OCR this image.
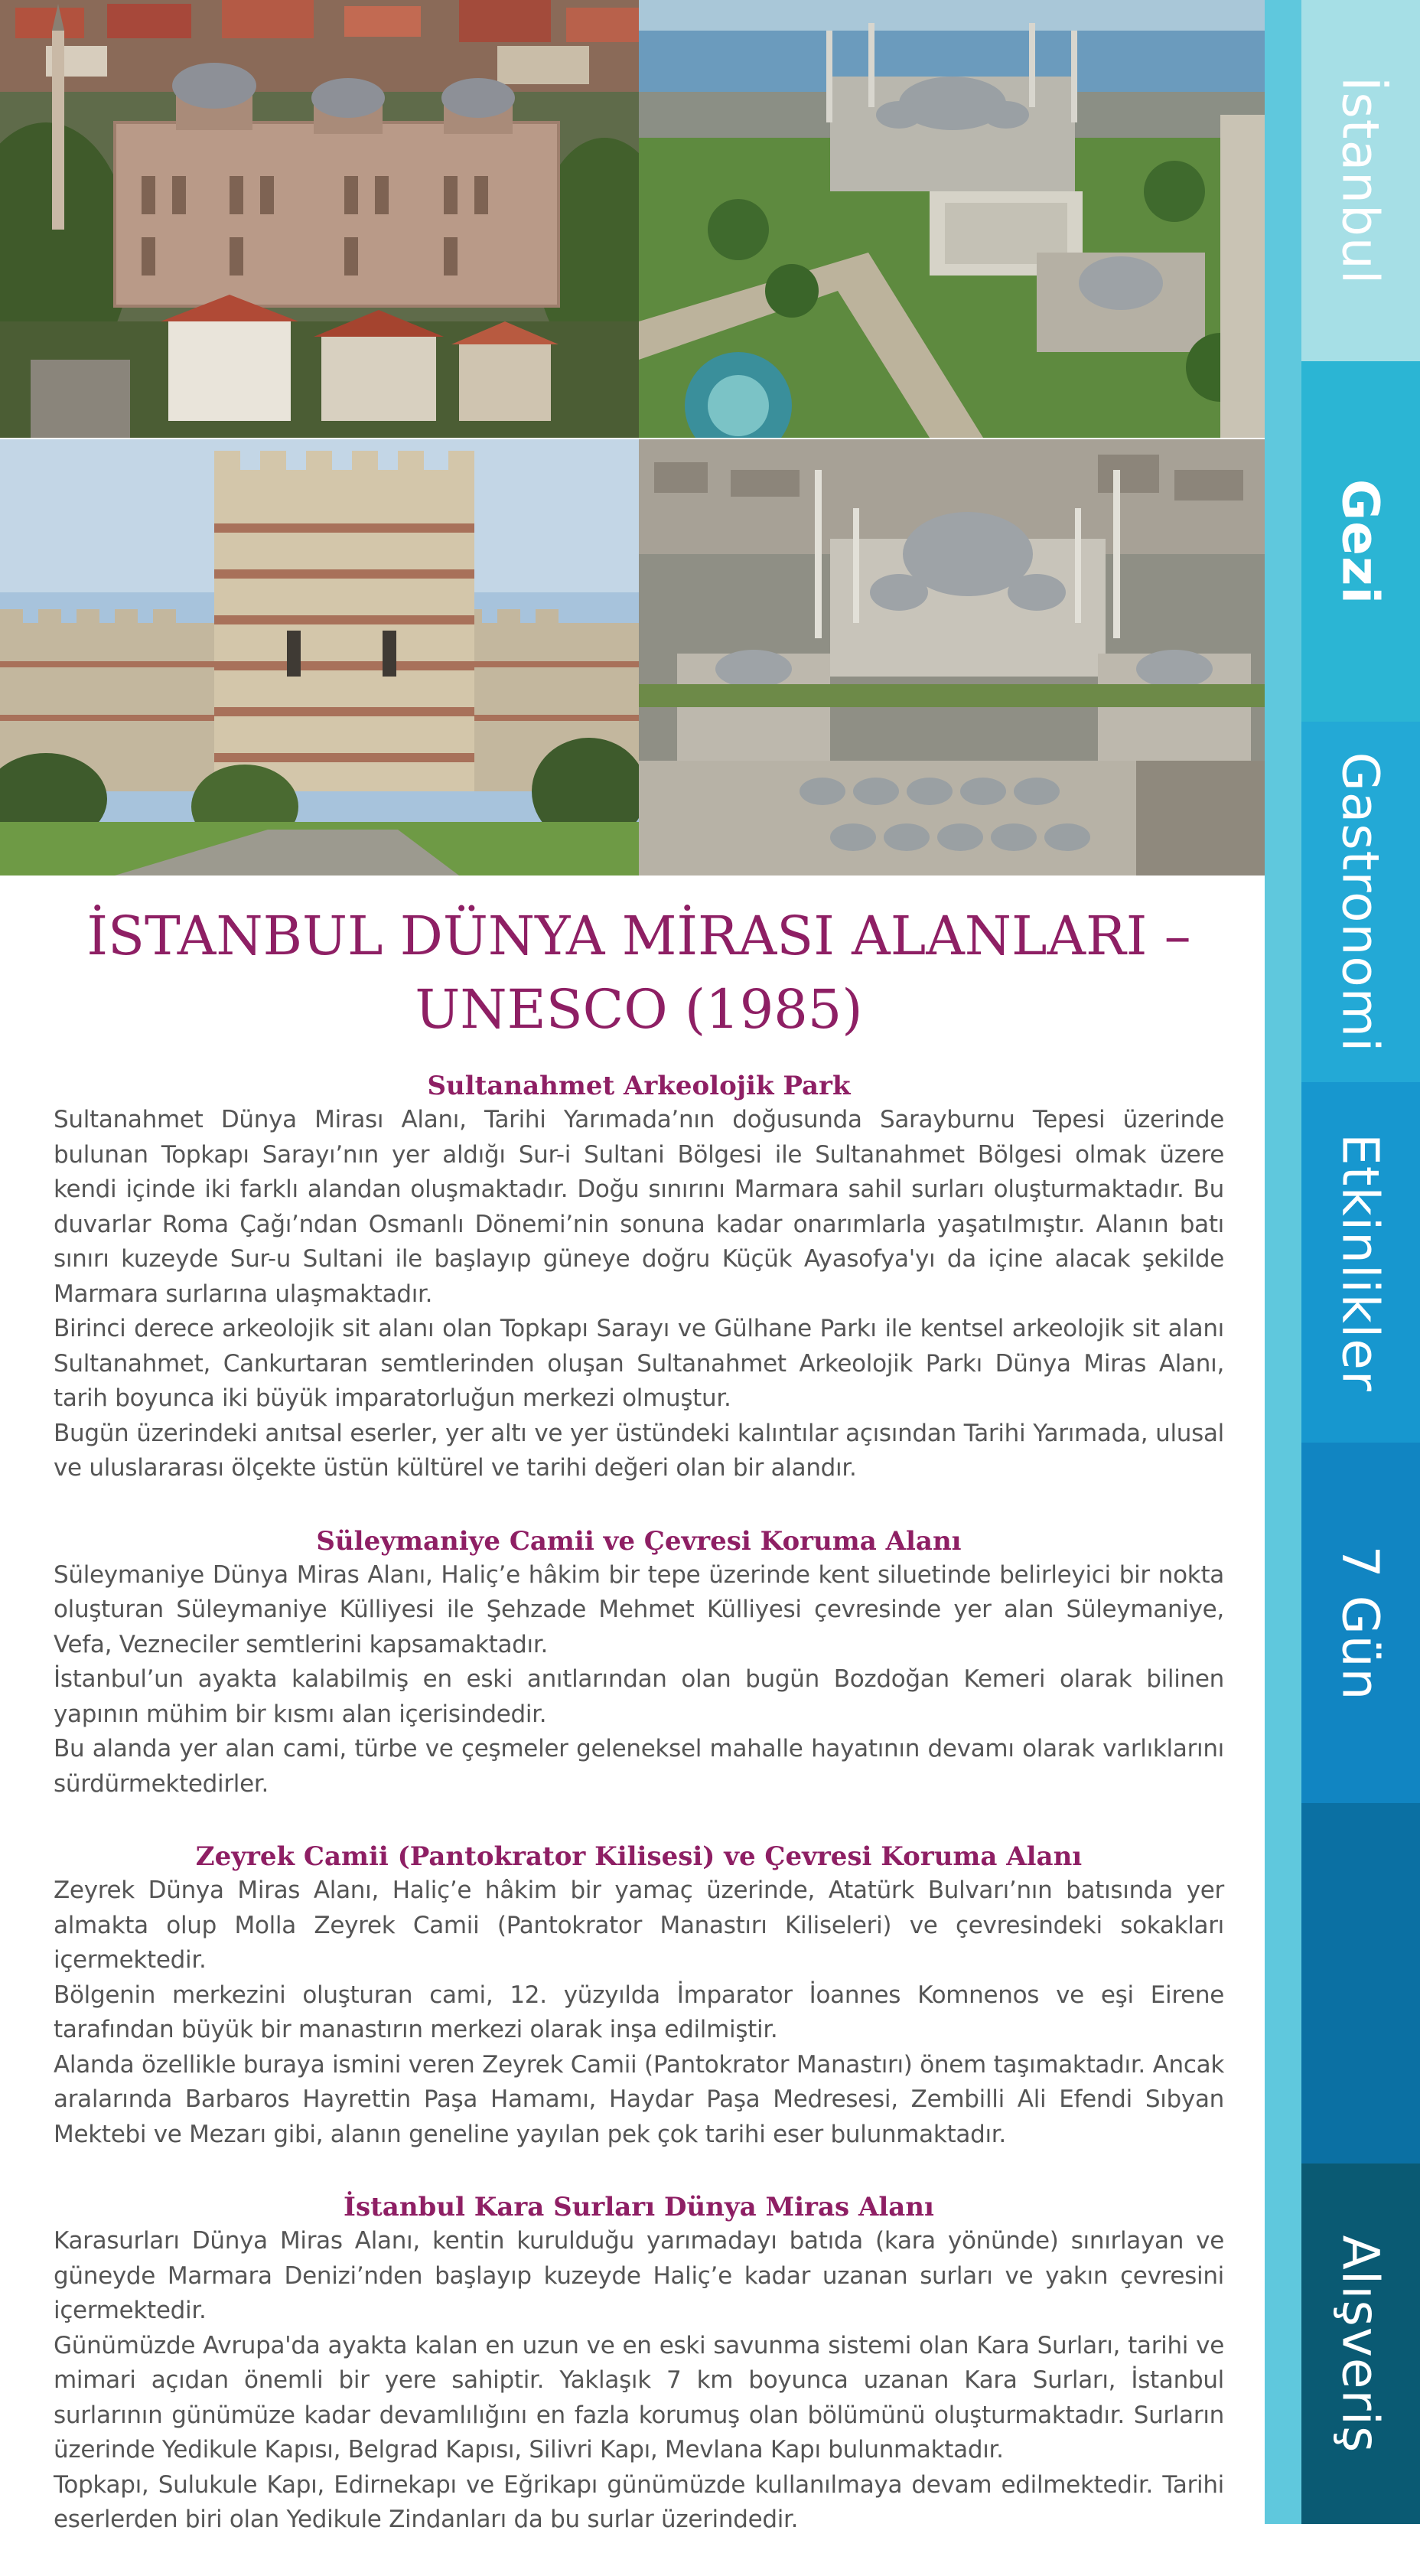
İSTANBUL DÜNYA MİRASI ALANLARI – UNESCO (1985)
Sultanahmet Arkeolojik Park

Sultanahmet Dünya Mirası Alanı, Tarihi Yarımada’nın doğusunda Sarayburnu Tepesi üzerinde bulunan Topkapı Sarayı’nın yer aldığı Sur-i Sultani Bölgesi ile Sultanahmet Bölgesi olmak üzere kendi içinde iki farklı alandan oluşmaktadır. Doğu sınırını Marmara sahil surları oluşturmaktadır. Bu duvarlar Roma Çağı’ndan Osmanlı Dönemi’nin sonuna kadar onarımlarla yaşatılmıştır. Alanın batı sınırı kuzeyde Sur-u Sultani ile başlayıp güneye doğru Küçük Ayasofya'yı da içine alacak şekilde Marmara surlarına ulaşmaktadır.

Birinci derece arkeolojik sit alanı olan Topkapı Sarayı ve Gülhane Parkı ile kentsel arkeolojik sit alanı Sultanahmet, Cankurtaran semtlerinden oluşan Sultanahmet Arkeolojik Parkı Dünya Miras Alanı, tarih boyunca iki büyük imparatorluğun merkezi olmuştur.

Bugün üzerindeki anıtsal eserler, yer altı ve yer üstündeki kalıntılar açısından Tarihi Yarımada, ulusal ve uluslararası ölçekte üstün kültürel ve tarihi değeri olan bir alandır.

Süleymaniye Camii ve Çevresi Koruma Alanı

Süleymaniye Dünya Miras Alanı, Haliç’e hâkim bir tepe üzerinde kent siluetinde belirleyici bir nokta oluşturan Süleymaniye Külliyesi ile Şehzade Mehmet Külliyesi çevresinde yer alan Süleymaniye, Vefa, Vezneciler semtlerini kapsamaktadır.

İstanbul’un ayakta kalabilmiş en eski anıtlarından olan bugün Bozdoğan Kemeri olarak bilinen yapının mühim bir kısmı alan içerisindedir.

Bu alanda yer alan cami, türbe ve çeşmeler geleneksel mahalle hayatının devamı olarak varlıklarını sürdürmektedirler.

Zeyrek Camii (Pantokrator Kilisesi) ve Çevresi Koruma Alanı

Zeyrek Dünya Miras Alanı, Haliç’e hâkim bir yamaç üzerinde, Atatürk Bulvarı’nın batısında yer almakta olup Molla Zeyrek Camii (Pantokrator Manastırı Kiliseleri) ve çevresindeki sokakları içermektedir.

Bölgenin merkezini oluşturan cami, 12. yüzyılda İmparator İoannes Komnenos ve eşi Eirene tarafından büyük bir manastırın merkezi olarak inşa edilmiştir.

Alanda özellikle buraya ismini veren Zeyrek Camii (Pantokrator Manastırı) önem taşımaktadır. Ancak aralarında Barbaros Hayrettin Paşa Hamamı, Haydar Paşa Medresesi, Zembilli Ali Efendi Sıbyan Mektebi ve Mezarı gibi, alanın geneline yayılan pek çok tarihi eser bulunmaktadır.

İstanbul Kara Surları Dünya Miras Alanı

Karasurları Dünya Miras Alanı, kentin kurulduğu yarımadayı batıda (kara yönünde) sınırlayan ve güneyde Marmara Denizi’nden başlayıp kuzeyde Haliç’e kadar uzanan surları ve yakın çevresini içermektedir.

Günümüzde Avrupa'da ayakta kalan en uzun ve en eski savunma sistemi olan Kara Surları, tarihi ve mimari açıdan önemli bir yere sahiptir. Yaklaşık 7 km boyunca uzanan Kara Surları, İstanbul surlarının günümüze kadar devamlılığını en fazla korumuş olan bölümünü oluşturmaktadır. Surların üzerinde Yedikule Kapısı, Belgrad Kapısı, Silivri Kapı, Mevlana Kapı bulunmaktadır.

Topkapı, Sulukule Kapı, Edirnekapı ve Eğrikapı günümüzde kullanılmaya devam edilmektedir. Tarihi eserlerden biri olan Yedikule Zindanları da bu surlar üzerindedir.

İstanbul
Gezi
Gastronomi
Etkinlikler
7 Gün
Alışveriş
